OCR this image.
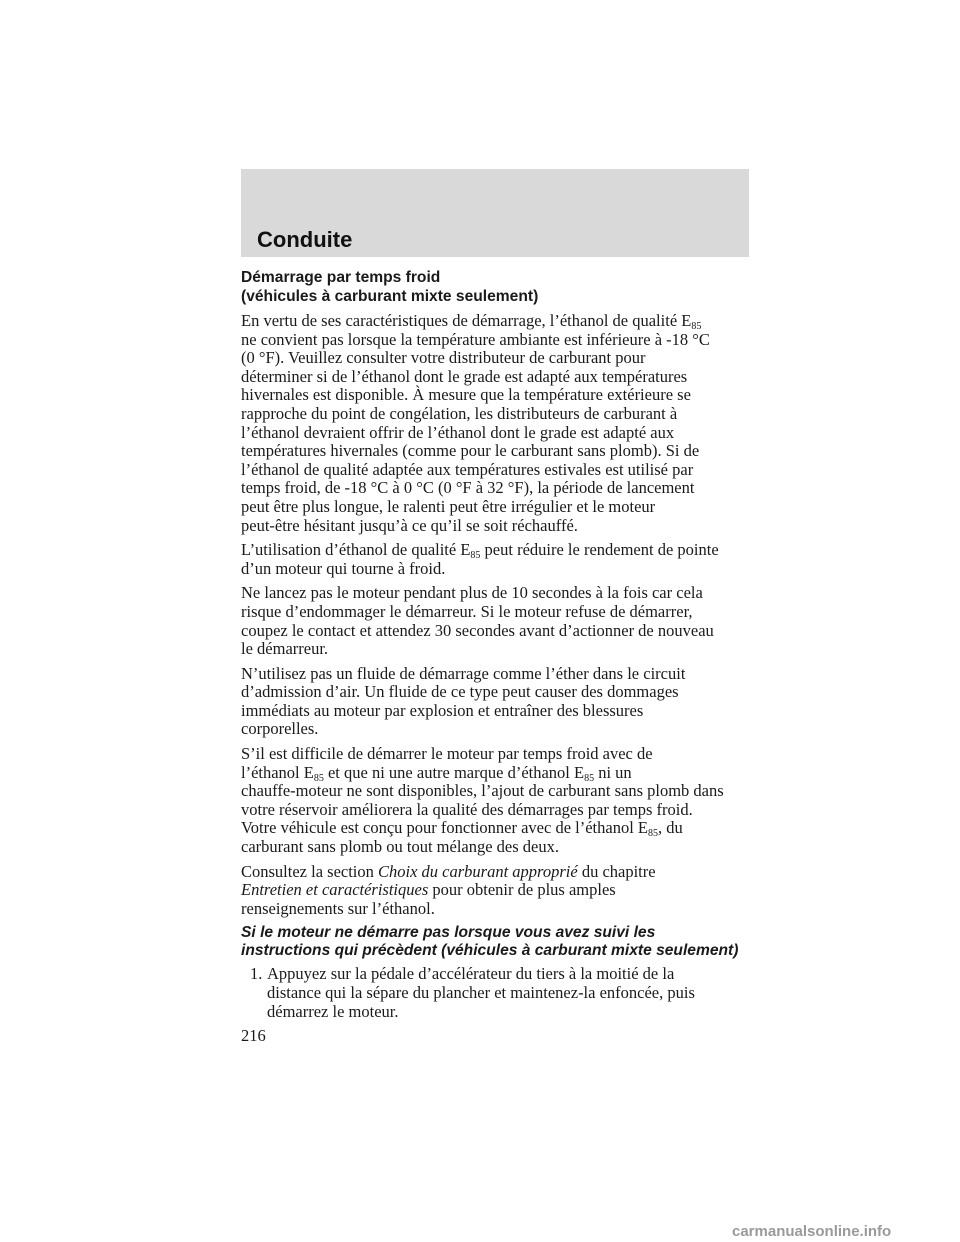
Conduite
Démarrage par temps froid
(véhicules à carburant mixte seulement)

En vertu de ses caractéristiques de démarrage, l’éthanol de qualité $E_{85}$
ne convient pas lorsque la température ambiante est inférieure à -18 °C
(0 °F). Veuillez consulter votre distributeur de carburant pour
déterminer si de l’éthanol dont le grade est adapté aux températures
hivernales est disponible. À mesure que la température extérieure se
rapproche du point de congélation, les distributeurs de carburant à
l’éthanol devraient offrir de l’éthanol dont le grade est adapté aux
températures hivernales (comme pour le carburant sans plomb). Si de
l’éthanol de qualité adaptée aux températures estivales est utilisé par
temps froid, de -18 °C à 0 °C (0 °F à 32 °F), la période de lancement
peut être plus longue, le ralenti peut être irrégulier et le moteur
peut-être hésitant jusqu’à ce qu’il se soit réchauffé.

L’utilisation d’éthanol de qualité $E_{85}$ peut réduire le rendement de pointe
d’un moteur qui tourne à froid.

Ne lancez pas le moteur pendant plus de 10 secondes à la fois car cela
risque d’endommager le démarreur. Si le moteur refuse de démarrer,
coupez le contact et attendez 30 secondes avant d’actionner de nouveau
le démarreur.

N’utilisez pas un fluide de démarrage comme l’éther dans le circuit
d’admission d’air. Un fluide de ce type peut causer des dommages
immédiats au moteur par explosion et entraîner des blessures
corporelles.

S’il est difficile de démarrer le moteur par temps froid avec de
l’éthanol $E_{85}$ et que ni une autre marque d’éthanol $E_{85}$ ni un
chauffe-moteur ne sont disponibles, l’ajout de carburant sans plomb dans
votre réservoir améliorera la qualité des démarrages par temps froid.
Votre véhicule est conçu pour fonctionner avec de l’éthanol $E_{85}$, du
carburant sans plomb ou tout mélange des deux.

Consultez la section Choix du carburant approprié du chapitre
Entretien et caractéristiques pour obtenir de plus amples
renseignements sur l’éthanol.

Si le moteur ne démarre pas lorsque vous avez suivi les
instructions qui précèdent (véhicules à carburant mixte seulement)
1. Appuyez sur la pédale d’accélérateur du tiers à la moitié de la
distance qui la sépare du plancher et maintenez-la enfoncée, puis
démarrez le moteur.
216
carmanualsonline.info
